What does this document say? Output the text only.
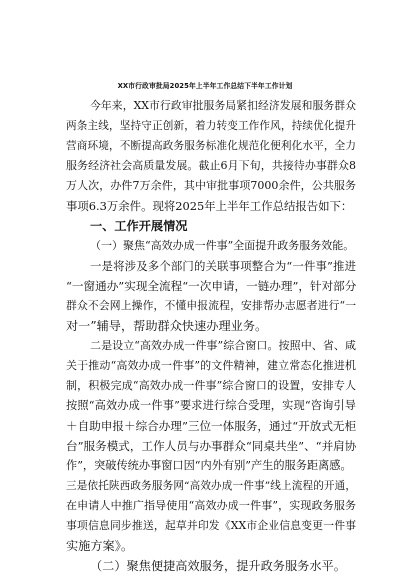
XX市行政审批局2025年上半年工作总结下半年工作计划
今年来，XX市行政审批服务局紧扣经济发展和服务群众
两条主线，坚持守正创新，着力转变工作作风，持续优化提升
营商环境，不断提高政务服务标准化规范化便利化水平，全力
服务经济社会高质量发展。截止6月下旬，共接待办事群众8
万人次，办件7万余件，其中审批事项7000余件，公共服务
事项6.3万余件。现将2025年上半年工作总结报告如下：
一、工作开展情况
（一）聚焦“高效办成一件事”全面提升政务服务效能。
一是将涉及多个部门的关联事项整合为“一件事”推进
“一窗通办”实现全流程“一次申请，一链办理”，针对部分
群众不会网上操作，不懂申报流程，安排帮办志愿者进行“一
对一”辅导，帮助群众快速办理业务。
二是设立“高效办成一件事”综合窗口。按照中、省、咸
关于推动“高效办成一件事”的文件精神，建立常态化推进机
制，积极完成“高效办成一件事”综合窗口的设置，安排专人
按照“高效办成一件事”要求进行综合受理，实现“咨询引导
＋自助申报＋综合办理”三位一体服务，通过“开放式无柜
台”服务模式，工作人员与办事群众“同桌共坐”、“并肩协
作”，突破传统办事窗口因“内外有别”产生的服务距离感。
三是依托陕西政务服务网“高效办成一件事”线上流程的开通，
在申请人中推广指导使用“高效办成一件事”，实现政务服务
事项信息同步推送，起草并印发《XX市企业信息变更一件事
实施方案》。
（二）聚焦便捷高效服务，提升政务服务水平。
